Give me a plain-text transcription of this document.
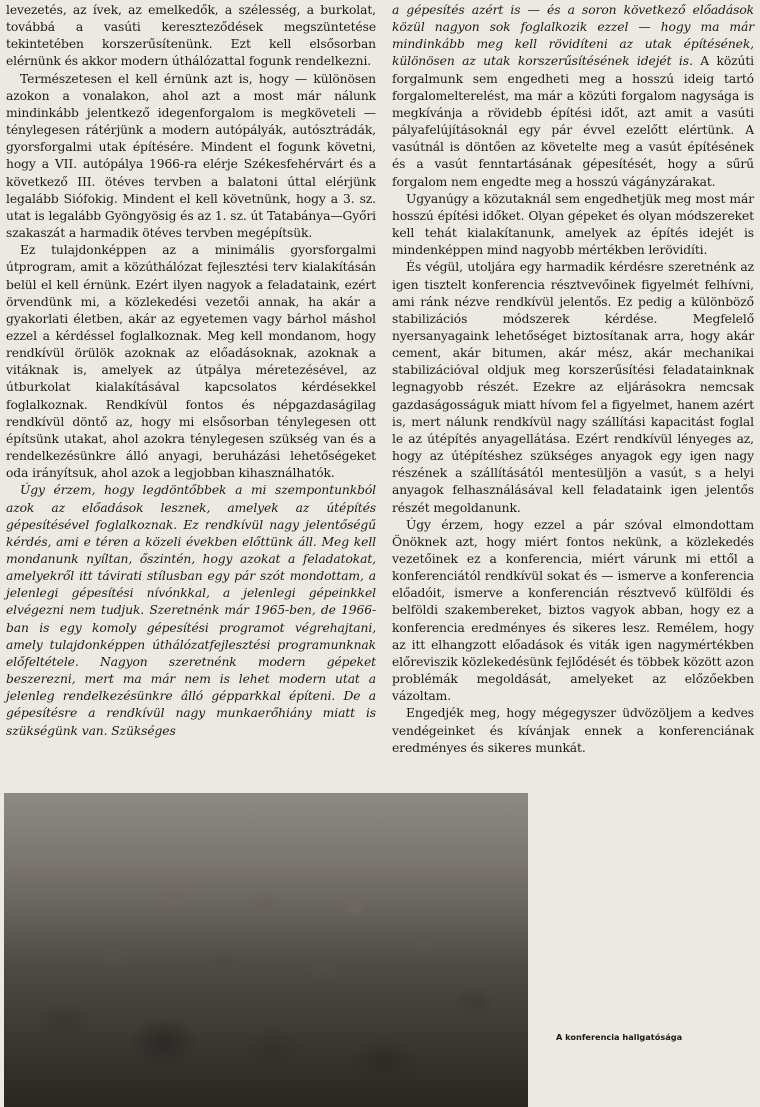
levezetés, az ívek, az emelkedők, a szélesség, a burkolat, továbbá a vasúti kereszteződések megszüntetése tekintetében korszerűsítenünk. Ezt kell elsősorban elérnünk és akkor modern úthálózattal fogunk rendelkezni.

Természetesen el kell érnünk azt is, hogy — különösen azokon a vonalakon, ahol azt a most már nálunk mindinkább jelentkező idegenforgalom is megköveteli — ténylegesen rátérjünk a modern autópályák, autósztrádák, gyorsforgalmi utak építésére. Mindent el fogunk követni, hogy a VII. autópálya 1966-ra elérje Székesfehérvárt és a következő III. ötéves tervben a balatoni úttal elérjünk legalább Siófokig. Mindent el kell követnünk, hogy a 3. sz. utat is legalább Gyöngyösig és az 1. sz. út Tatabánya—Győri szakaszát a harmadik ötéves tervben megépítsük.

Ez tulajdonképpen az a minimális gyorsforgalmi útprogram, amit a közúthálózat fejlesztési terv kialakításán belül el kell érnünk. Ezért ilyen nagyok a feladataink, ezért örvendünk mi, a közlekedési vezetői annak, ha akár a gyakorlati életben, akár az egyetemen vagy bárhol máshol ezzel a kérdéssel foglalkoznak. Meg kell mondanom, hogy rendkívül örülök azoknak az előadásoknak, azoknak a vitáknak is, amelyek az útpálya méretezésével, az útburkolat kialakításával kapcsolatos kérdésekkel foglalkoznak. Rendkívül fontos és népgazdaságilag rendkívül döntő az, hogy mi elsősorban ténylegesen ott építsünk utakat, ahol azokra ténylegesen szükség van és a rendelkezésünkre álló anyagi, beruházási lehetőségeket oda irányítsuk, ahol azok a legjobban kihasználhatók.

Úgy érzem, hogy legdöntőbbek a mi szempontunkból azok az előadások lesznek, amelyek az útépítés gépesítésével foglalkoznak. Ez rendkívül nagy jelentőségű kérdés, ami e téren a közeli években előttünk áll. Meg kell mondanunk nyíltan, őszintén, hogy azokat a feladatokat, amelyekről itt távirati stílusban egy pár szót mondottam, a jelenlegi gépesítési nívónkkal, a jelenlegi gépeinkkel elvégezni nem tudjuk. Szeretnénk már 1965-ben, de 1966-ban is egy komoly gépesítési programot végrehajtani, amely tulajdonképpen úthálózatfejlesztési programunknak előfeltétele. Nagyon szeretnénk modern gépeket beszerezni, mert ma már nem is lehet modern utat a jelenleg rendelkezésünkre álló gépparkkal építeni. De a gépesítésre a rendkívül nagy munkaerőhiány miatt is szükségünk van. Szükséges

a gépesítés azért is — és a soron következő előadások közül nagyon sok foglalkozik ezzel — hogy ma már mindinkább meg kell rövidíteni az utak építésének, különösen az utak korszerűsítésének idejét is. A közúti forgalmunk sem engedheti meg a hosszú ideig tartó forgalomelterelést, ma már a közúti forgalom nagysága is megkívánja a rövidebb építési időt, azt amit a vasúti pályafelújításoknál egy pár évvel ezelőtt elértünk. A vasútnál is döntően az követelte meg a vasút építésének és a vasút fenntartásának gépesítését, hogy a sűrű forgalom nem engedte meg a hosszú vágányzárakat.

Ugyanúgy a közutaknál sem engedhetjük meg most már hosszú építési időket. Olyan gépeket és olyan módszereket kell tehát kialakítanunk, amelyek az építés idejét is mindenképpen mind nagyobb mértékben lerövidíti.

És végül, utoljára egy harmadik kérdésre szeretnénk az igen tisztelt konferencia résztvevőinek figyelmét felhívni, ami ránk nézve rendkívül jelentős. Ez pedig a különböző stabilizációs módszerek kérdése. Megfelelő nyersanyagaink lehetőséget biztosítanak arra, hogy akár cement, akár bitumen, akár mész, akár mechanikai stabilizációval oldjuk meg korszerűsítési feladatainknak legnagyobb részét. Ezekre az eljárásokra nemcsak gazdaságosságuk miatt hívom fel a figyelmet, hanem azért is, mert nálunk rendkívül nagy szállítási kapacitást foglal le az útépítés anyagellátása. Ezért rendkívül lényeges az, hogy az útépítéshez szükséges anyagok egy igen nagy részének a szállításától mentesüljön a vasút, s a helyi anyagok felhasználásával kell feladataink igen jelentős részét megoldanunk.

Úgy érzem, hogy ezzel a pár szóval elmondottam Önöknek azt, hogy miért fontos nekünk, a közlekedés vezetőinek ez a konferencia, miért várunk mi ettől a konferenciától rendkívül sokat és — ismerve a konferencia előadóit, ismerve a konferencián résztvevő külföldi és belföldi szakembereket, biztos vagyok abban, hogy ez a konferencia eredményes és sikeres lesz. Remélem, hogy az itt elhangzott előadások és viták igen nagymértékben előreviszik közlekedésünk fejlődését és többek között azon problémák megoldását, amelyeket az előzőekben vázoltam.

Engedjék meg, hogy mégegyszer üdvözöljem a kedves vendégeinket és kívánjak ennek a konferenciának eredményes és sikeres munkát.

A konferencia hallgatósága
